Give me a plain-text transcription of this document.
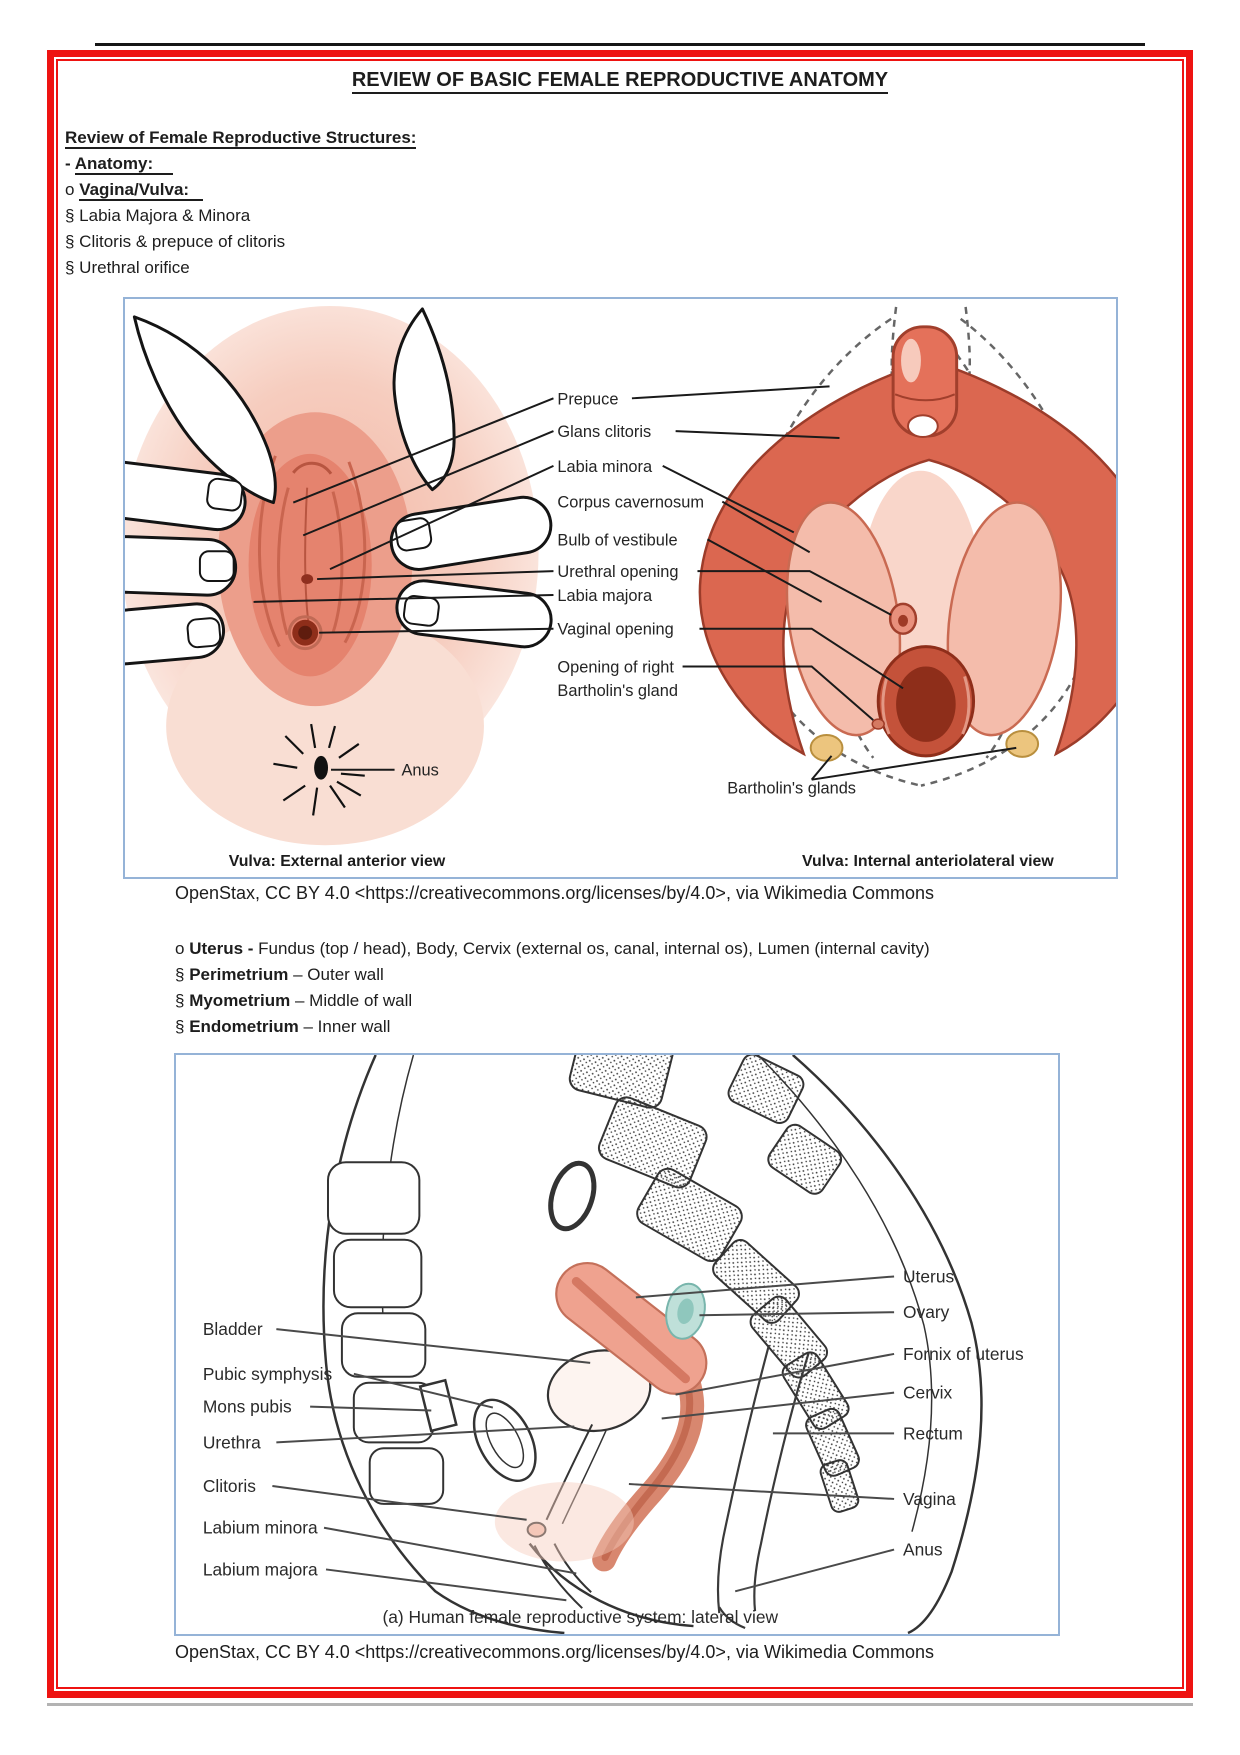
REVIEW OF BASIC FEMALE REPRODUCTIVE ANATOMY
Review of Female Reproductive Structures:
- Anatomy:
o Vagina/Vulva:
§ Labia Majora & Minora
§ Clitoris & prepuce of clitoris
§ Urethral orifice
Prepuce
Glans clitoris
Labia minora
Corpus cavernosum
Bulb of vestibule
Urethral opening
Labia majora
Vaginal opening
Opening of right
Bartholin's gland
Anus
Bartholin's glands
Vulva: External anterior view	Vulva: Internal anteriolateral view
OpenStax, CC BY 4.0 <https://creativecommons.org/licenses/by/4.0>, via Wikimedia Commons
o Uterus - Fundus (top / head), Body, Cervix (external os, canal, internal os), Lumen (internal cavity)
§ Perimetrium – Outer wall
§ Myometrium – Middle of wall
§ Endometrium – Inner wall
Bladder
Pubic symphysis
Mons pubis
Urethra
Clitoris
Labium minora
Labium majora
Uterus
Ovary
Fornix of uterus
Cervix
Rectum
Vagina
Anus
(a) Human female reproductive system: lateral view
OpenStax, CC BY 4.0 <https://creativecommons.org/licenses/by/4.0>, via Wikimedia Commons
